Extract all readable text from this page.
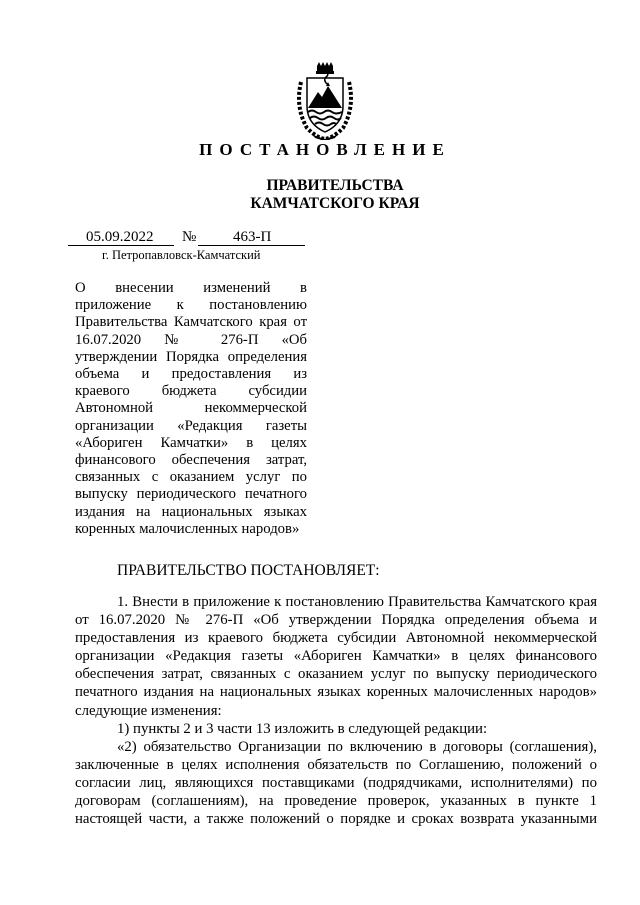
ПОСТАНОВЛЕНИЕ
ПРАВИТЕЛЬСТВА
КАМЧАТСКОГО КРАЯ
05.09.2022 № 463-П
г. Петропавловск-Камчатский
О внесении изменений в
приложение к постановлению
Правительства Камчатского края от
16.07.2020 № 276-П «Об
утверждении Порядка определения
объема и предоставления из
краевого бюджета субсидии
Автономной некоммерческой
организации «Редакция газеты
«Абориген Камчатки» в целях
финансового обеспечения затрат,
связанных с оказанием услуг по
выпуску периодического печатного
издания на национальных языках
коренных малочисленных народов»
ПРАВИТЕЛЬСТВО ПОСТАНОВЛЯЕТ:
1. Внести в приложение к постановлению Правительства Камчатского края
от 16.07.2020 № 276-П «Об утверждении Порядка определения объема и
предоставления из краевого бюджета субсидии Автономной некоммерческой
организации «Редакция газеты «Абориген Камчатки» в целях финансового
обеспечения затрат, связанных с оказанием услуг по выпуску периодического
печатного издания на национальных языках коренных малочисленных народов»
следующие изменения:
1) пункты 2 и 3 части 13 изложить в следующей редакции:
«2) обязательство Организации по включению в договоры (соглашения),
заключенные в целях исполнения обязательств по Соглашению, положений о
согласии лиц, являющихся поставщиками (подрядчиками, исполнителями) по
договорам (соглашениям), на проведение проверок, указанных в пункте 1
настоящей части, а также положений о порядке и сроках возврата указанными
